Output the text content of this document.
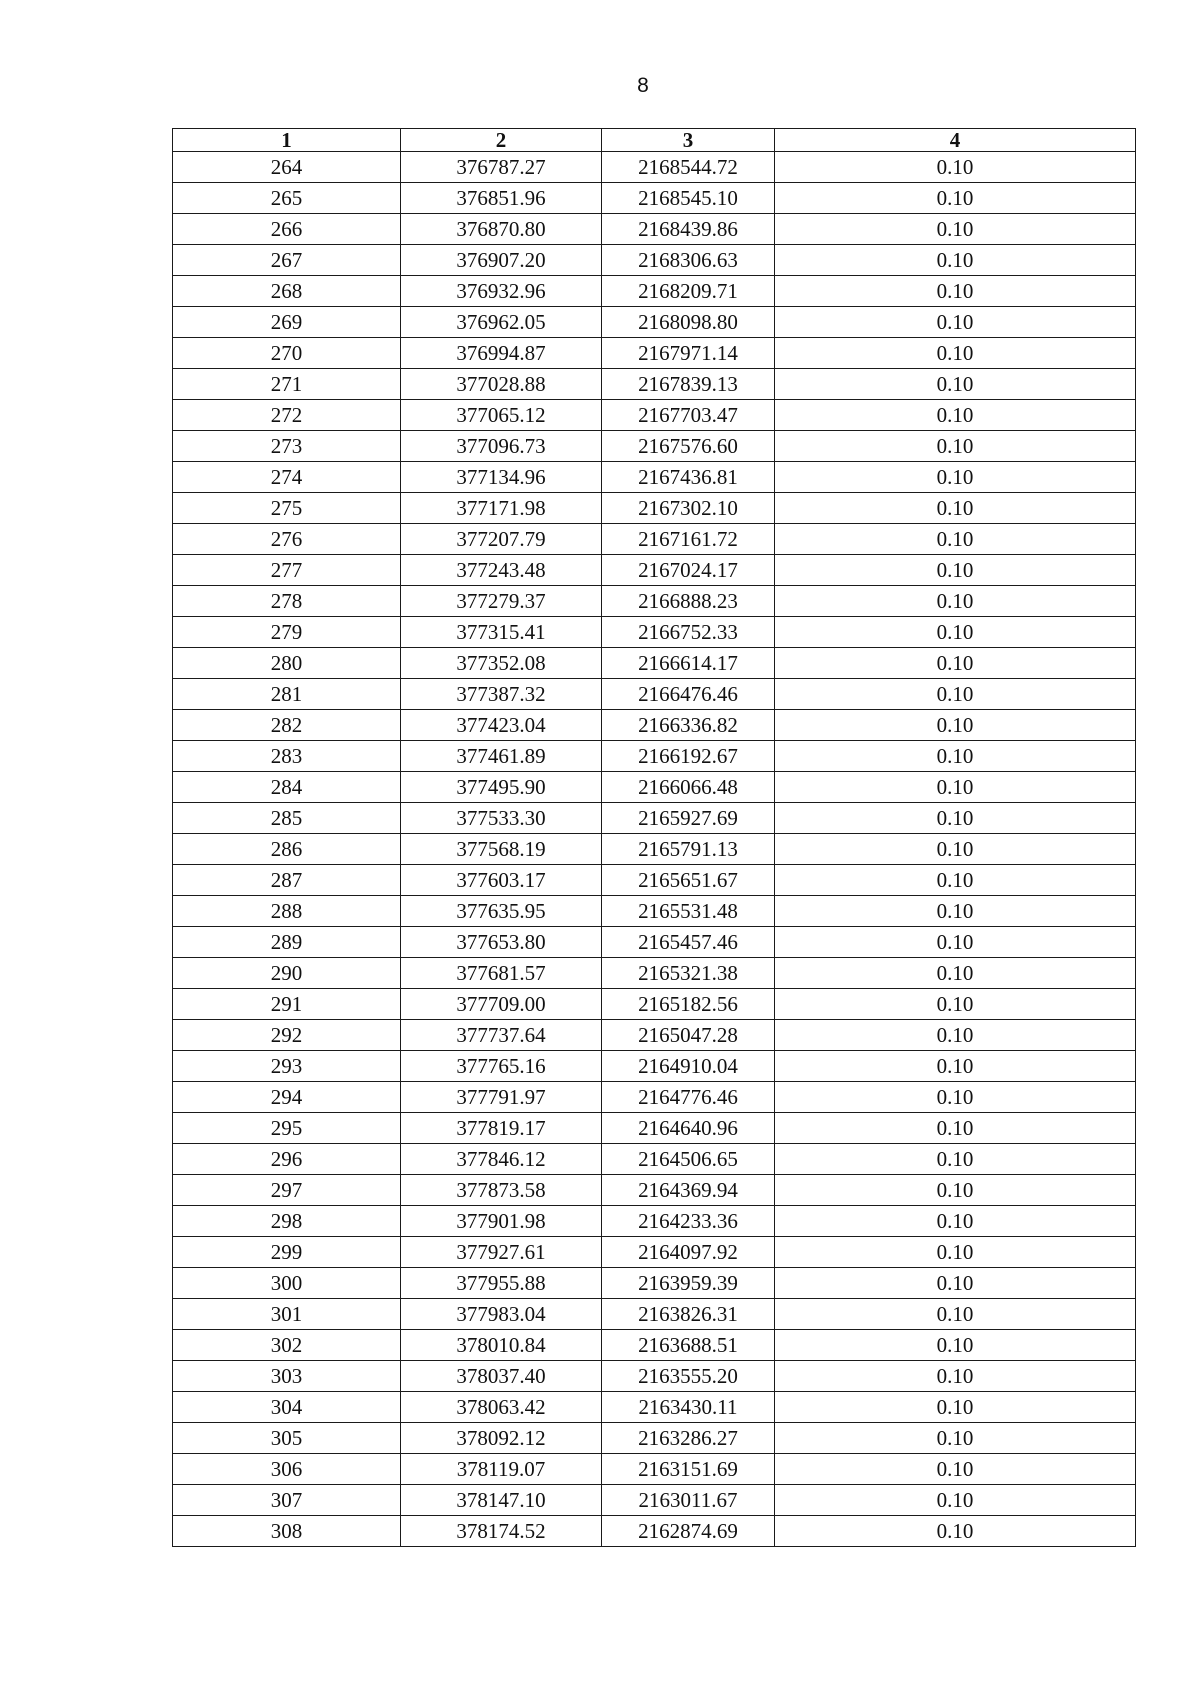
8
1	2	3	4
264	376787.27	2168544.72	0.10
265	376851.96	2168545.10	0.10
266	376870.80	2168439.86	0.10
267	376907.20	2168306.63	0.10
268	376932.96	2168209.71	0.10
269	376962.05	2168098.80	0.10
270	376994.87	2167971.14	0.10
271	377028.88	2167839.13	0.10
272	377065.12	2167703.47	0.10
273	377096.73	2167576.60	0.10
274	377134.96	2167436.81	0.10
275	377171.98	2167302.10	0.10
276	377207.79	2167161.72	0.10
277	377243.48	2167024.17	0.10
278	377279.37	2166888.23	0.10
279	377315.41	2166752.33	0.10
280	377352.08	2166614.17	0.10
281	377387.32	2166476.46	0.10
282	377423.04	2166336.82	0.10
283	377461.89	2166192.67	0.10
284	377495.90	2166066.48	0.10
285	377533.30	2165927.69	0.10
286	377568.19	2165791.13	0.10
287	377603.17	2165651.67	0.10
288	377635.95	2165531.48	0.10
289	377653.80	2165457.46	0.10
290	377681.57	2165321.38	0.10
291	377709.00	2165182.56	0.10
292	377737.64	2165047.28	0.10
293	377765.16	2164910.04	0.10
294	377791.97	2164776.46	0.10
295	377819.17	2164640.96	0.10
296	377846.12	2164506.65	0.10
297	377873.58	2164369.94	0.10
298	377901.98	2164233.36	0.10
299	377927.61	2164097.92	0.10
300	377955.88	2163959.39	0.10
301	377983.04	2163826.31	0.10
302	378010.84	2163688.51	0.10
303	378037.40	2163555.20	0.10
304	378063.42	2163430.11	0.10
305	378092.12	2163286.27	0.10
306	378119.07	2163151.69	0.10
307	378147.10	2163011.67	0.10
308	378174.52	2162874.69	0.10
